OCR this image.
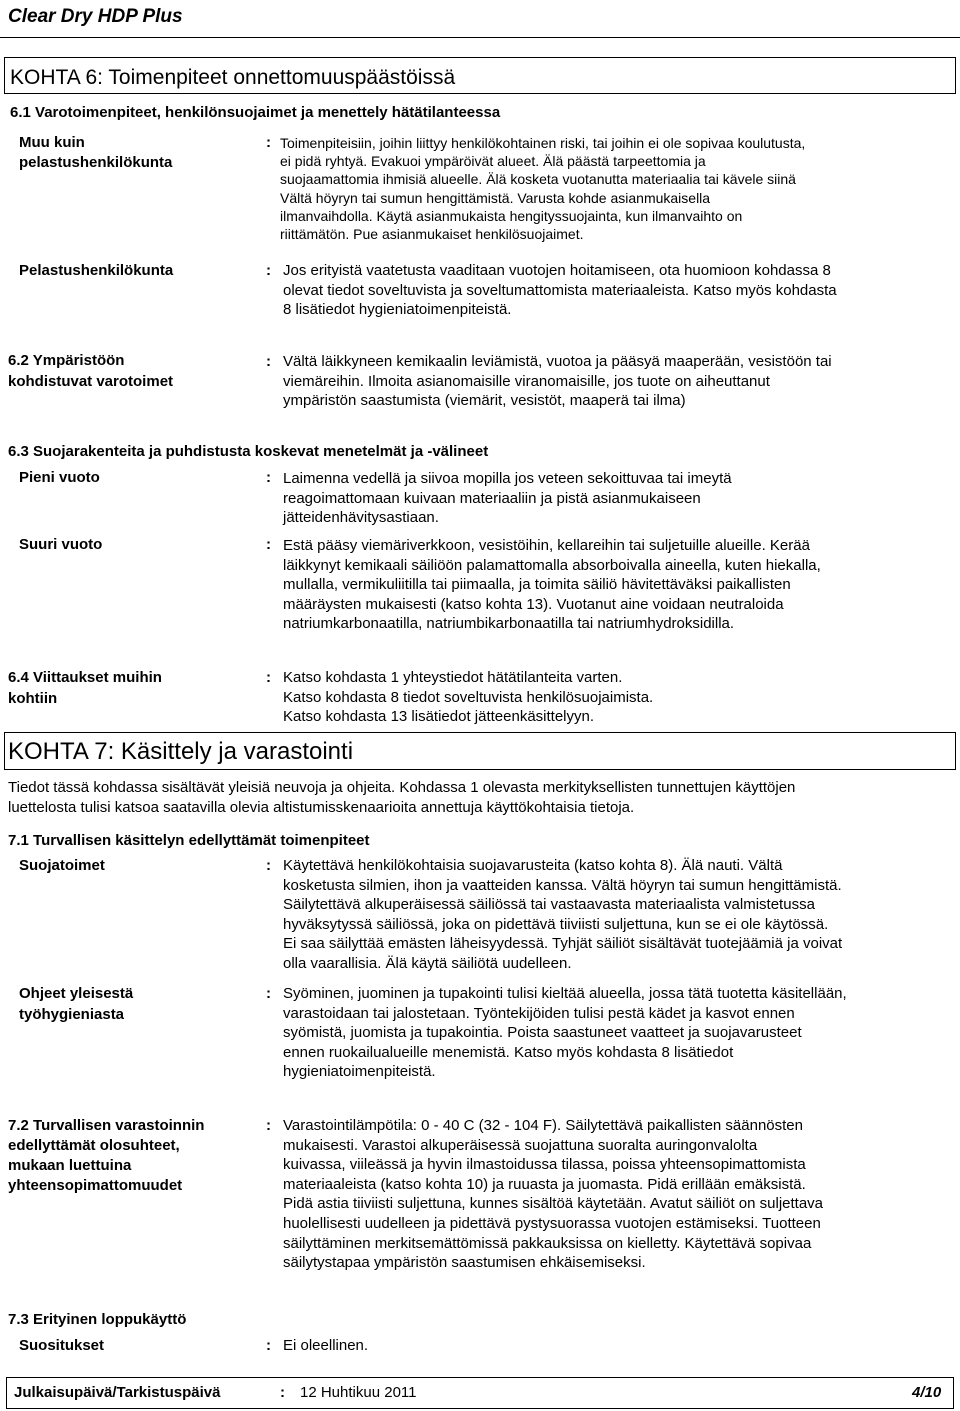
Clear Dry HDP Plus
KOHTA 6: Toimenpiteet onnettomuuspäästöissä
6.1 Varotoimenpiteet, henkilönsuojaimet ja menettely hätätilanteessa
Muu kuin
pelastushenkilökunta
: Toimenpiteisiin, joihin liittyy henkilökohtainen riski, tai joihin ei ole sopivaa koulutusta,
ei pidä ryhtyä. Evakuoi ympäröivät alueet. Älä päästä tarpeettomia ja
suojaamattomia ihmisiä alueelle. Älä kosketa vuotanutta materiaalia tai kävele siinä
Vältä höyryn tai sumun hengittämistä. Varusta kohde asianmukaisella
ilmanvaihdolla. Käytä asianmukaista hengityssuojainta, kun ilmanvaihto on
riittämätön. Pue asianmukaiset henkilösuojaimet.
Pelastushenkilökunta	: Jos erityistä vaatetusta vaaditaan vuotojen hoitamiseen, ota huomioon kohdassa 8
olevat tiedot soveltuvista ja soveltumattomista materiaaleista. Katso myös kohdasta
8 lisätiedot hygieniatoimenpiteistä.
6.2 Ympäristöön
kohdistuvat varotoimet
: Vältä läikkyneen kemikaalin leviämistä, vuotoa ja pääsyä maaperään, vesistöön tai
viemäreihin. Ilmoita asianomaisille viranomaisille, jos tuote on aiheuttanut
ympäristön saastumista (viemärit, vesistöt, maaperä tai ilma)
6.3 Suojarakenteita ja puhdistusta koskevat menetelmät ja -välineet
Pieni vuoto	: Laimenna vedellä ja siivoa mopilla jos veteen sekoittuvaa tai imeytä
reagoimattomaan kuivaan materiaaliin ja pistä asianmukaiseen
jätteidenhävitysastiaan.
Suuri vuoto	: Estä pääsy viemäriverkkoon, vesistöihin, kellareihin tai suljetuille alueille. Kerää
läikkynyt kemikaali säiliöön palamattomalla absorboivalla aineella, kuten hiekalla,
mullalla, vermikuliitilla tai piimaalla, ja toimita säiliö hävitettäväksi paikallisten
määräysten mukaisesti (katso kohta 13). Vuotanut aine voidaan neutraloida
natriumkarbonaatilla, natriumbikarbonaatilla tai natriumhydroksidilla.
6.4 Viittaukset muihin
kohtiin
: Katso kohdasta 1 yhteystiedot hätätilanteita varten.
Katso kohdasta 8 tiedot soveltuvista henkilösuojaimista.
Katso kohdasta 13 lisätiedot jätteenkäsittelyyn.
KOHTA 7: Käsittely ja varastointi
Tiedot tässä kohdassa sisältävät yleisiä neuvoja ja ohjeita. Kohdassa 1 olevasta merkityksellisten tunnettujen käyttöjen
luettelosta tulisi katsoa saatavilla olevia altistumisskenaarioita annettuja käyttökohtaisia tietoja.
7.1 Turvallisen käsittelyn edellyttämät toimenpiteet
Suojatoimet	: Käytettävä henkilökohtaisia suojavarusteita (katso kohta 8). Älä nauti. Vältä
kosketusta silmien, ihon ja vaatteiden kanssa. Vältä höyryn tai sumun hengittämistä.
Säilytettävä alkuperäisessä säiliössä tai vastaavasta materiaalista valmistetussa
hyväksytyssä säiliössä, joka on pidettävä tiiviisti suljettuna, kun se ei ole käytössä.
Ei saa säilyttää emästen läheisyydessä. Tyhjät säiliöt sisältävät tuotejäämiä ja voivat
olla vaarallisia. Älä käytä säiliötä uudelleen.
Ohjeet yleisestä
työhygieniasta
: Syöminen, juominen ja tupakointi tulisi kieltää alueella, jossa tätä tuotetta käsitellään,
varastoidaan tai jalostetaan. Työntekijöiden tulisi pestä kädet ja kasvot ennen
syömistä, juomista ja tupakointia. Poista saastuneet vaatteet ja suojavarusteet
ennen ruokailualueille menemistä. Katso myös kohdasta 8 lisätiedot
hygieniatoimenpiteistä.
7.2 Turvallisen varastoinnin
edellyttämät olosuhteet,
mukaan luettuina
yhteensopimattomuudet
: Varastointilämpötila: 0 - 40 C (32 - 104 F). Säilytettävä paikallisten säännösten
mukaisesti. Varastoi alkuperäisessä suojattuna suoralta auringonvalolta
kuivassa, viileässä ja hyvin ilmastoidussa tilassa, poissa yhteensopimattomista
materiaaleista (katso kohta 10) ja ruuasta ja juomasta. Pidä erillään emäksistä.
Pidä astia tiiviisti suljettuna, kunnes sisältöä käytetään. Avatut säiliöt on suljettava
huolellisesti uudelleen ja pidettävä pystysuorassa vuotojen estämiseksi. Tuotteen
säilyttäminen merkitsemättömissä pakkauksissa on kielletty. Käytettävä sopivaa
säilytystapaa ympäristön saastumisen ehkäisemiseksi.
7.3 Erityinen loppukäyttö
Suositukset	: Ei oleellinen.
Julkaisupäivä/Tarkistuspäivä	: 12 Huhtikuu 2011	4/10
